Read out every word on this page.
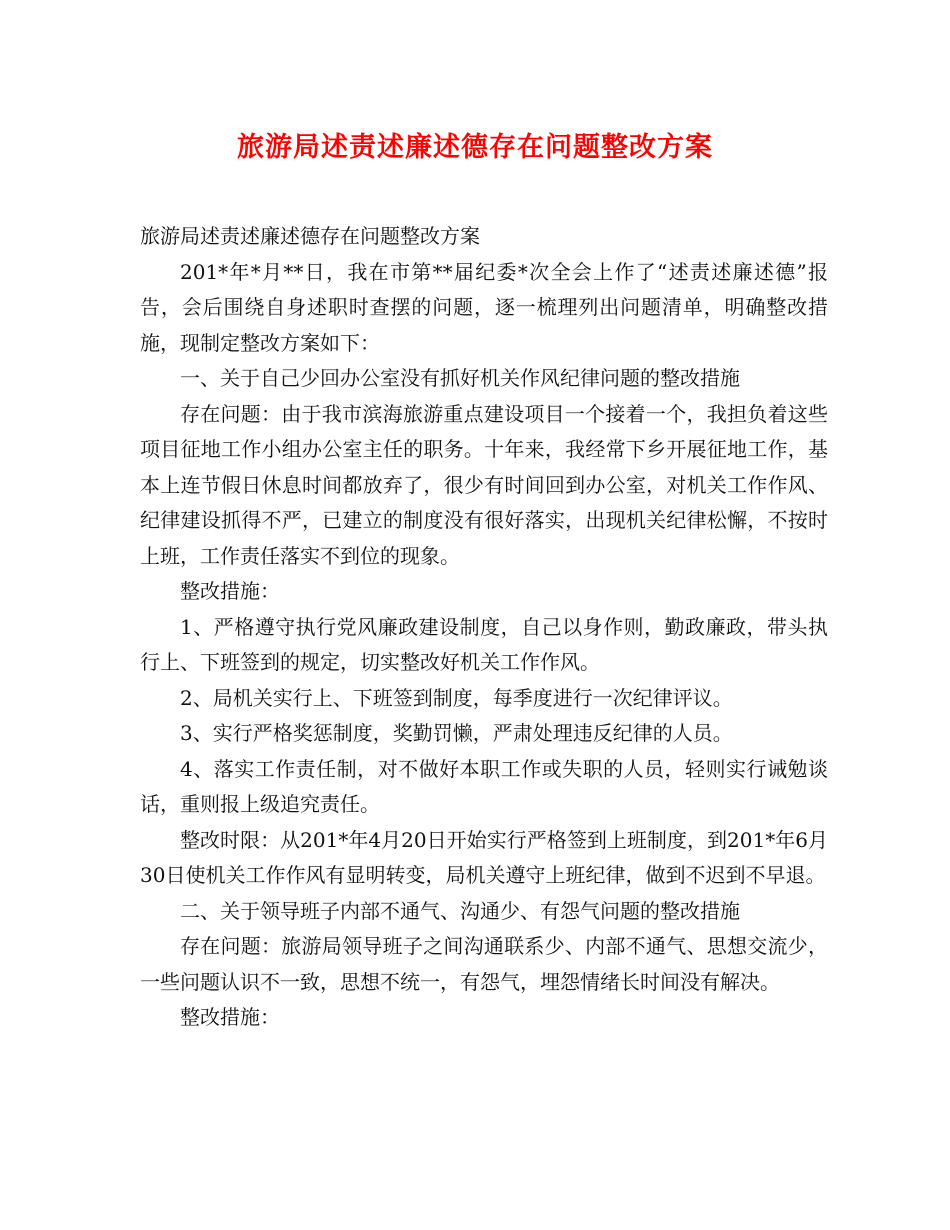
旅游局述责述廉述德存在问题整改方案

旅游局述责述廉述德存在问题整改方案

201*年*月**日，我在市第**届纪委*次全会上作了“述责述廉述德”报告，会后围绕自身述职时查摆的问题，逐一梳理列出问题清单，明确整改措施，现制定整改方案如下：

一、关于自己少回办公室没有抓好机关作风纪律问题的整改措施

存在问题：由于我市滨海旅游重点建设项目一个接着一个，我担负着这些项目征地工作小组办公室主任的职务。十年来，我经常下乡开展征地工作，基本上连节假日休息时间都放弃了，很少有时间回到办公室，对机关工作作风、纪律建设抓得不严，已建立的制度没有很好落实，出现机关纪律松懈，不按时上班，工作责任落实不到位的现象。

整改措施：

1、严格遵守执行党风廉政建设制度，自己以身作则，勤政廉政，带头执行上、下班签到的规定，切实整改好机关工作作风。

2、局机关实行上、下班签到制度，每季度进行一次纪律评议。

3、实行严格奖惩制度，奖勤罚懒，严肃处理违反纪律的人员。

4、落实工作责任制，对不做好本职工作或失职的人员，轻则实行诫勉谈话，重则报上级追究责任。

整改时限：从201*年4月20日开始实行严格签到上班制度，到201*年6月30日使机关工作作风有显明转变，局机关遵守上班纪律，做到不迟到不早退。

二、关于领导班子内部不通气、沟通少、有怨气问题的整改措施

存在问题：旅游局领导班子之间沟通联系少、内部不通气、思想交流少，一些问题认识不一致，思想不统一，有怨气，埋怨情绪长时间没有解决。

整改措施：
